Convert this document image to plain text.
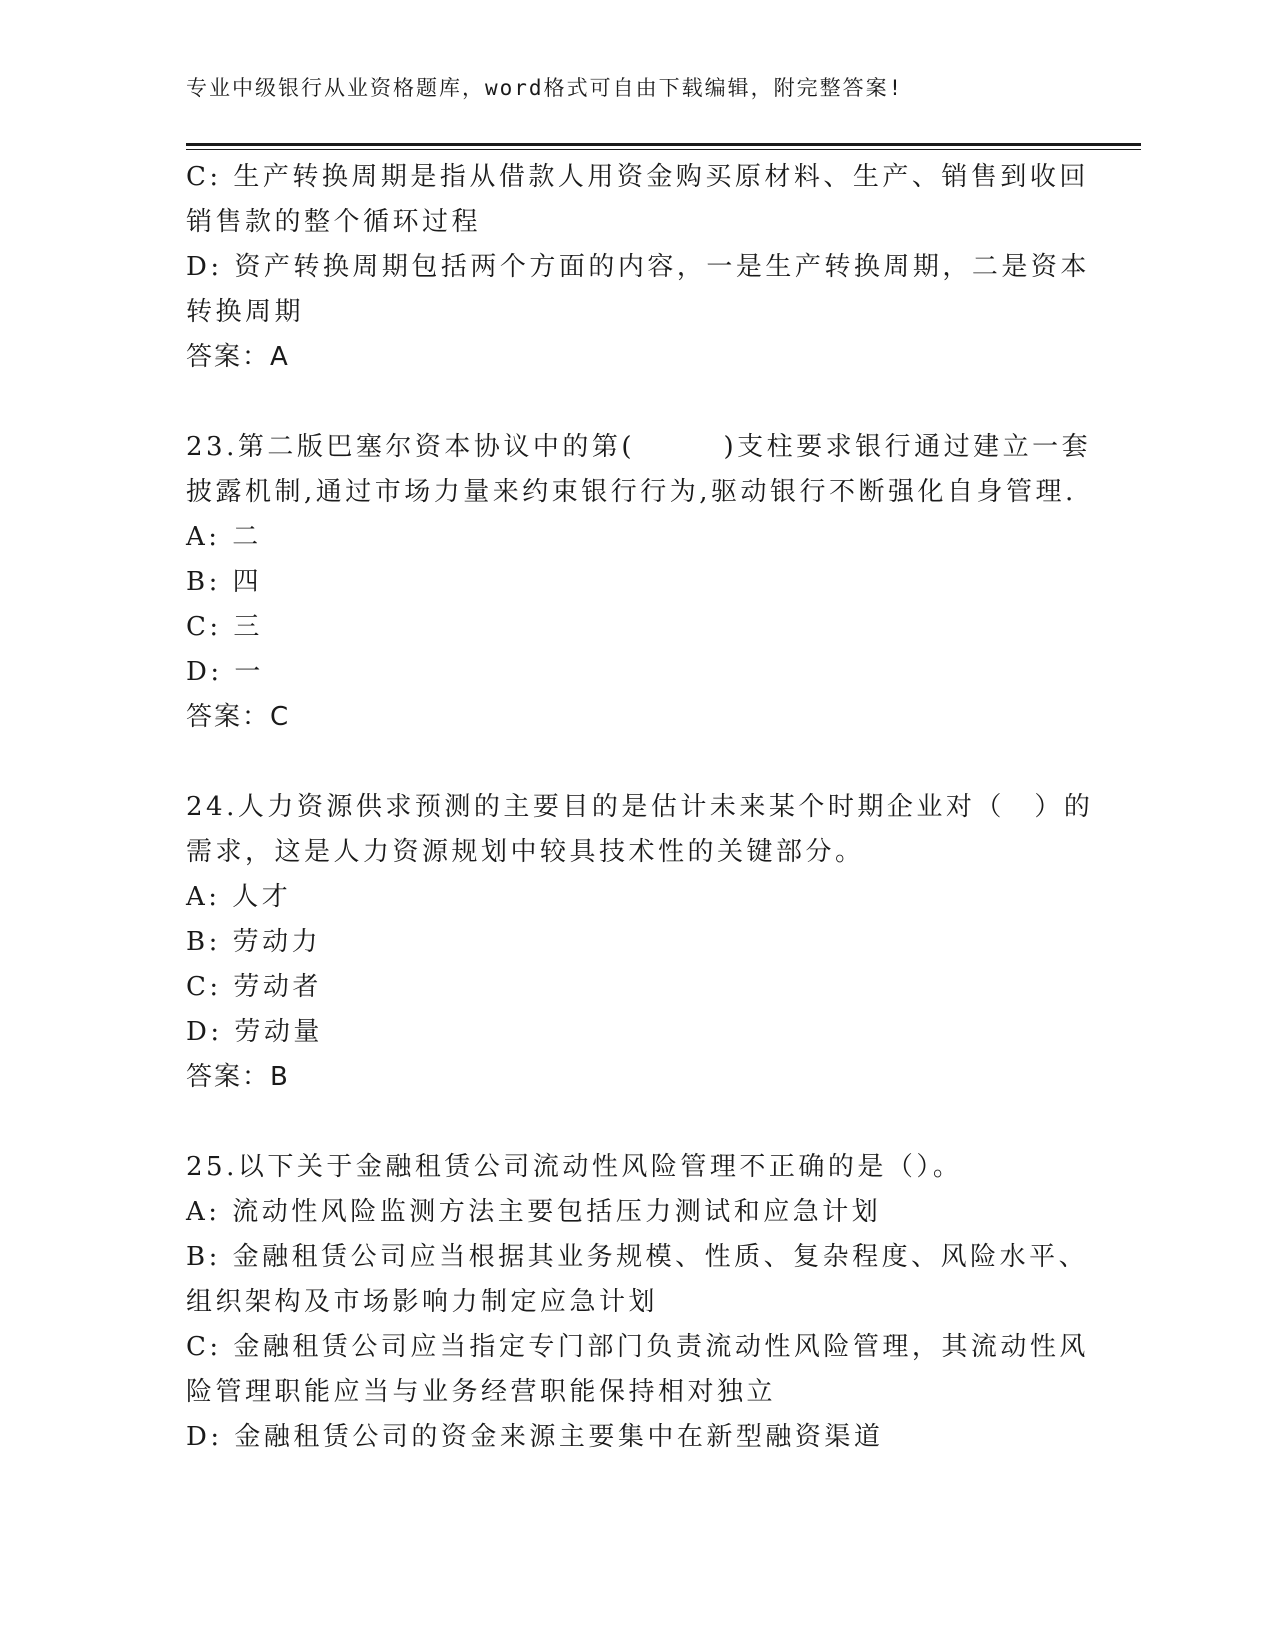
专业中级银行从业资格题库，word格式可自由下载编辑，附完整答案!
C: 生产转换周期是指从借款人用资金购买原材料、生产、销售到收回
销售款的整个循环过程
D: 资产转换周期包括两个方面的内容，一是生产转换周期，二是资本
转换周期
答案：A
23.第二版巴塞尔资本协议中的第(　　　)支柱要求银行通过建立一套
披露机制,通过市场力量来约束银行行为,驱动银行不断强化自身管理.
A: 二
B: 四
C: 三
D: 一
答案：C
24.人力资源供求预测的主要目的是估计未来某个时期企业对（　）的
需求，这是人力资源规划中较具技术性的关键部分。
A: 人才
B: 劳动力
C: 劳动者
D: 劳动量
答案：B
25.以下关于金融租赁公司流动性风险管理不正确的是（）。
A: 流动性风险监测方法主要包括压力测试和应急计划
B: 金融租赁公司应当根据其业务规模、性质、复杂程度、风险水平、
组织架构及市场影响力制定应急计划
C: 金融租赁公司应当指定专门部门负责流动性风险管理，其流动性风
险管理职能应当与业务经营职能保持相对独立
D: 金融租赁公司的资金来源主要集中在新型融资渠道
